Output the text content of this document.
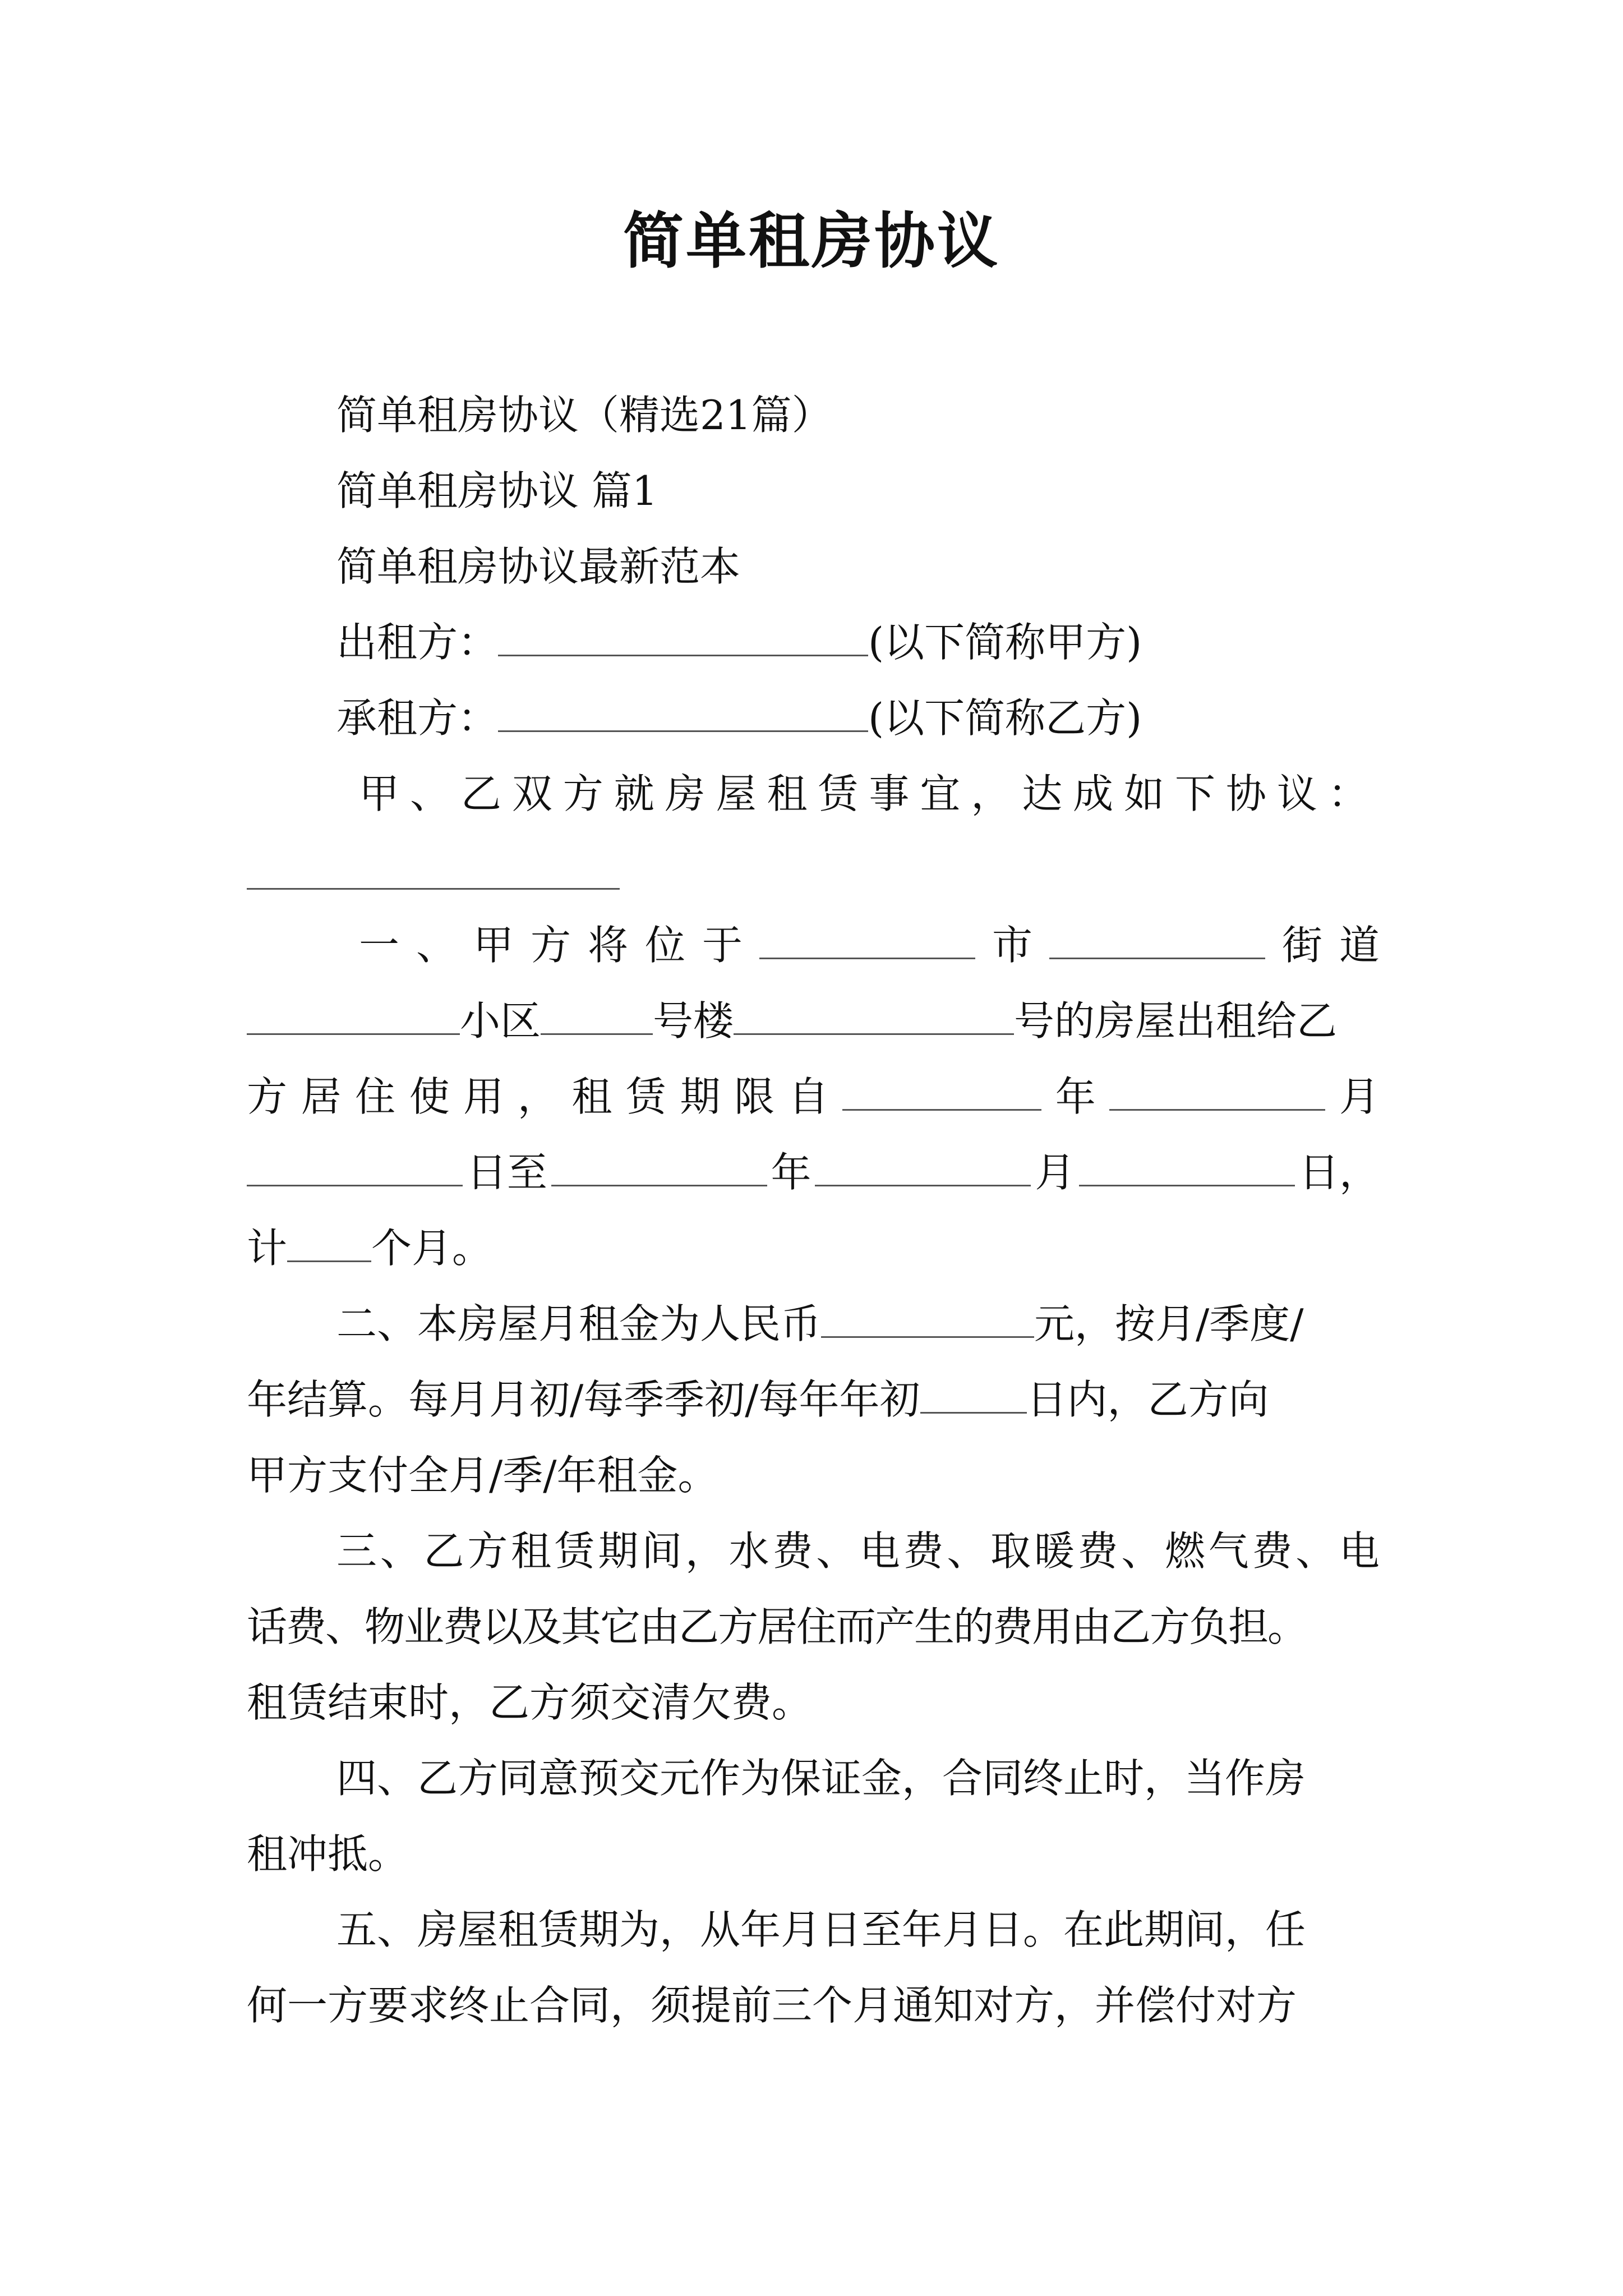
简单租房协议
简单租房协议（精选21篇）
简单租房协议 篇1
简单租房协议最新范本
出租方：	(以下简称甲方)
承租方：	(以下简称乙方)
甲 、 乙 双 方 就 房 屋 租 赁 事 宜 ， 达 成 如 下 协 议 ：
一 、 甲 方 将 位 于	市	街 道
小区	号楼	号的房屋出租给乙
方 居 住 使 用 ， 租 赁 期 限 自	年	月
日至	年	月	日，
计 个月。
二、本房屋月租金为人民币	元，按月/季度/
年结算。每月月初/每季季初/每年年初	日内，乙方向
甲方支付全月/季/年租金。
三 、 乙 方 租 赁 期 间 ， 水 费 、 电 费 、 取 暖 费 、 燃 气 费 、 电
话费、物业费以及其它由乙方居住而产生的费用由乙方负担。
租赁结束时，乙方须交清欠费。
四、乙方同意预交元作为保证金，合同终止时，当作房
租冲抵。
五、房屋租赁期为，从年月日至年月日。在此期间，任
何一方要求终止合同，须提前三个月通知对方，并偿付对方
